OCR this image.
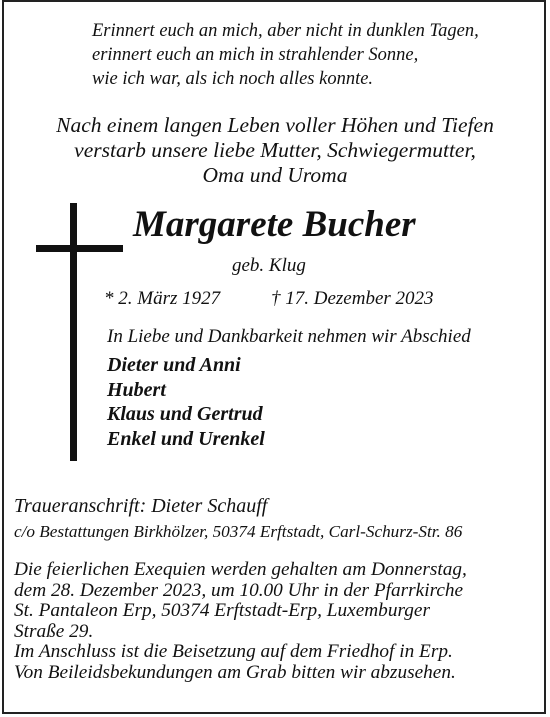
Erinnert euch an mich, aber nicht in dunklen Tagen,
erinnert euch an mich in strahlender Sonne,
wie ich war, als ich noch alles konnte.
Nach einem langen Leben voller Höhen und Tiefen
verstarb unsere liebe Mutter, Schwiegermutter,
Oma und Uroma
Margarete Bucher
geb. Klug
* 2. März 1927	† 17. Dezember 2023
In Liebe und Dankbarkeit nehmen wir Abschied
Dieter und Anni
Hubert
Klaus und Gertrud
Enkel und Urenkel
Traueranschrift: Dieter Schauff
c/o Bestattungen Birkhölzer, 50374 Erftstadt, Carl-Schurz-Str. 86
Die feierlichen Exequien werden gehalten am Donnerstag,
dem 28. Dezember 2023, um 10.00 Uhr in der Pfarrkirche
St. Pantaleon Erp, 50374 Erftstadt-Erp, Luxemburger
Straße 29.
Im Anschluss ist die Beisetzung auf dem Friedhof in Erp.
Von Beileidsbekundungen am Grab bitten wir abzusehen.
